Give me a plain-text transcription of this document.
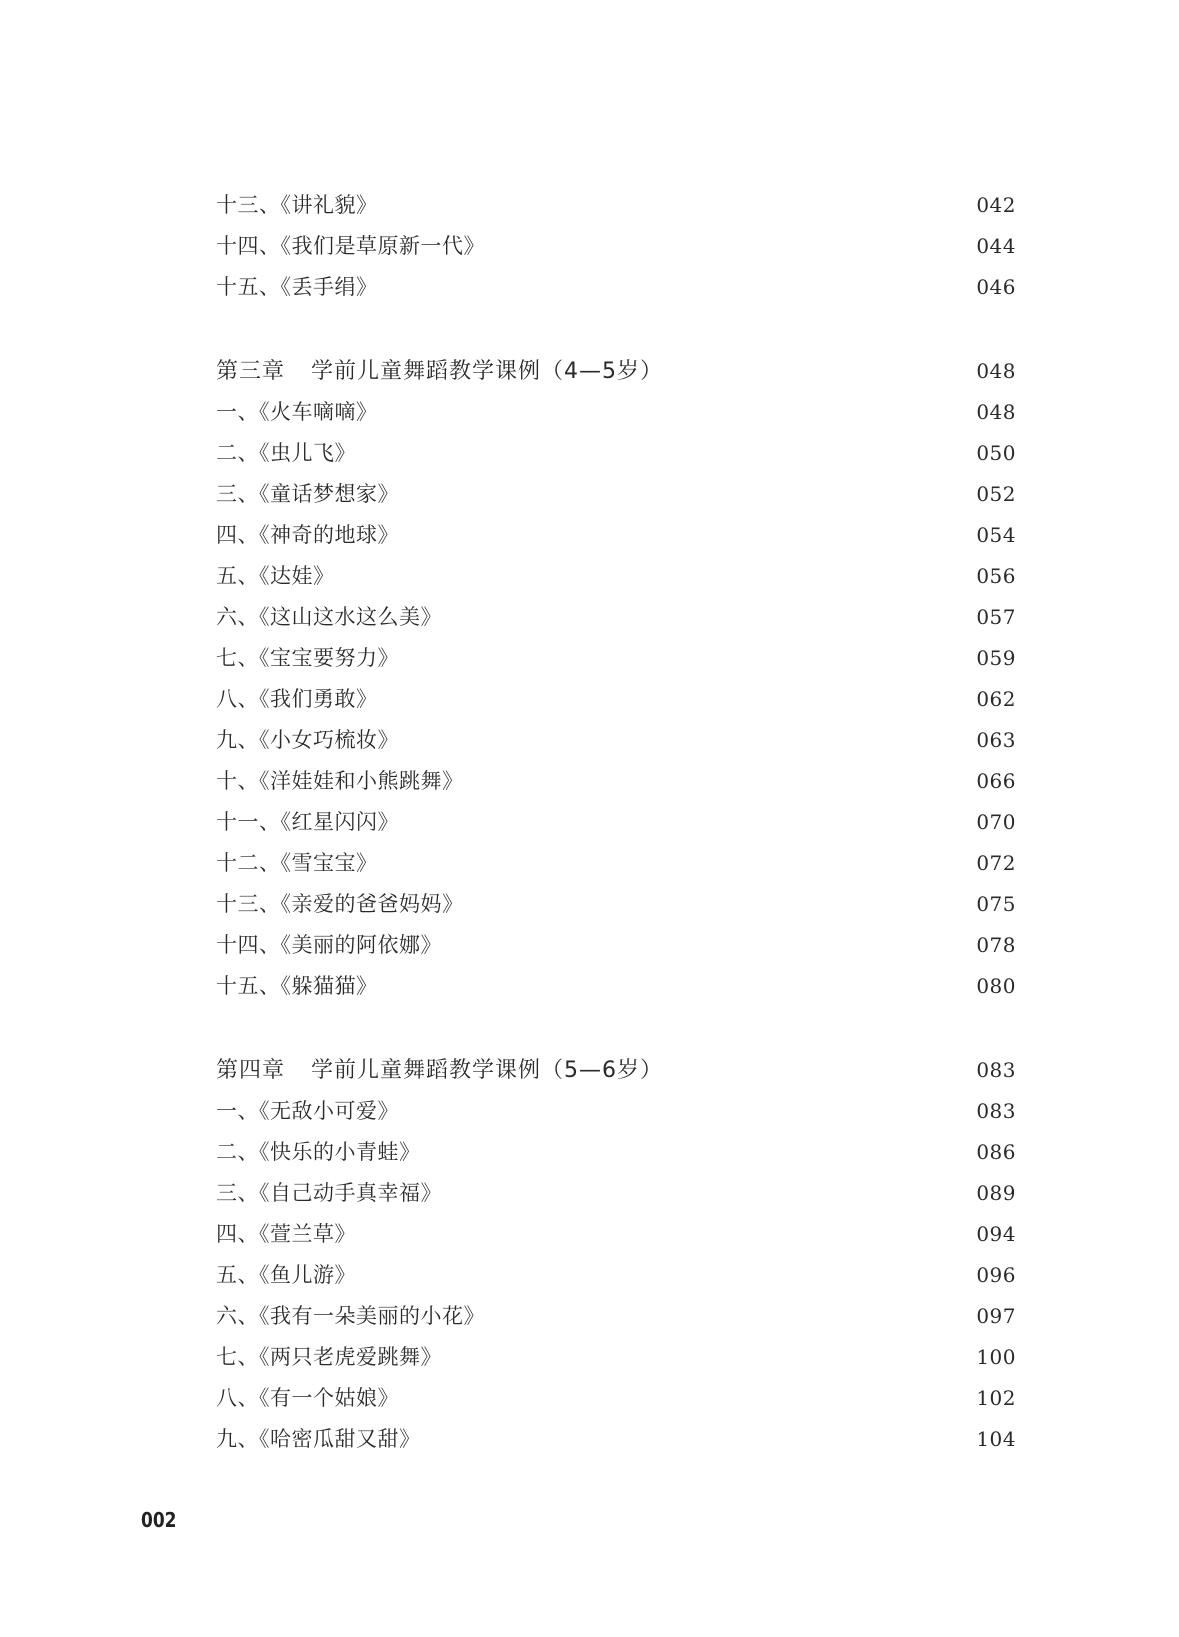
十三、《讲礼貌》	042
十四、《我们是草原新一代》	044
十五、《丢手绢》	046
第三章 学前儿童舞蹈教学课例（4—5岁）	048
一、《火车嘀嘀》	048
二、《虫儿飞》	050
三、《童话梦想家》	052
四、《神奇的地球》	054
五、《达娃》	056
六、《这山这水这么美》	057
七、《宝宝要努力》	059
八、《我们勇敢》	062
九、《小女巧梳妆》	063
十、《洋娃娃和小熊跳舞》	066
十一、《红星闪闪》	070
十二、《雪宝宝》	072
十三、《亲爱的爸爸妈妈》	075
十四、《美丽的阿依娜》	078
十五、《躲猫猫》	080
第四章 学前儿童舞蹈教学课例（5—6岁）	083
一、《无敌小可爱》	083
二、《快乐的小青蛙》	086
三、《自己动手真幸福》	089
四、《萱兰草》	094
五、《鱼儿游》	096
六、《我有一朵美丽的小花》	097
七、《两只老虎爱跳舞》	100
八、《有一个姑娘》	102
九、《哈密瓜甜又甜》	104
002
